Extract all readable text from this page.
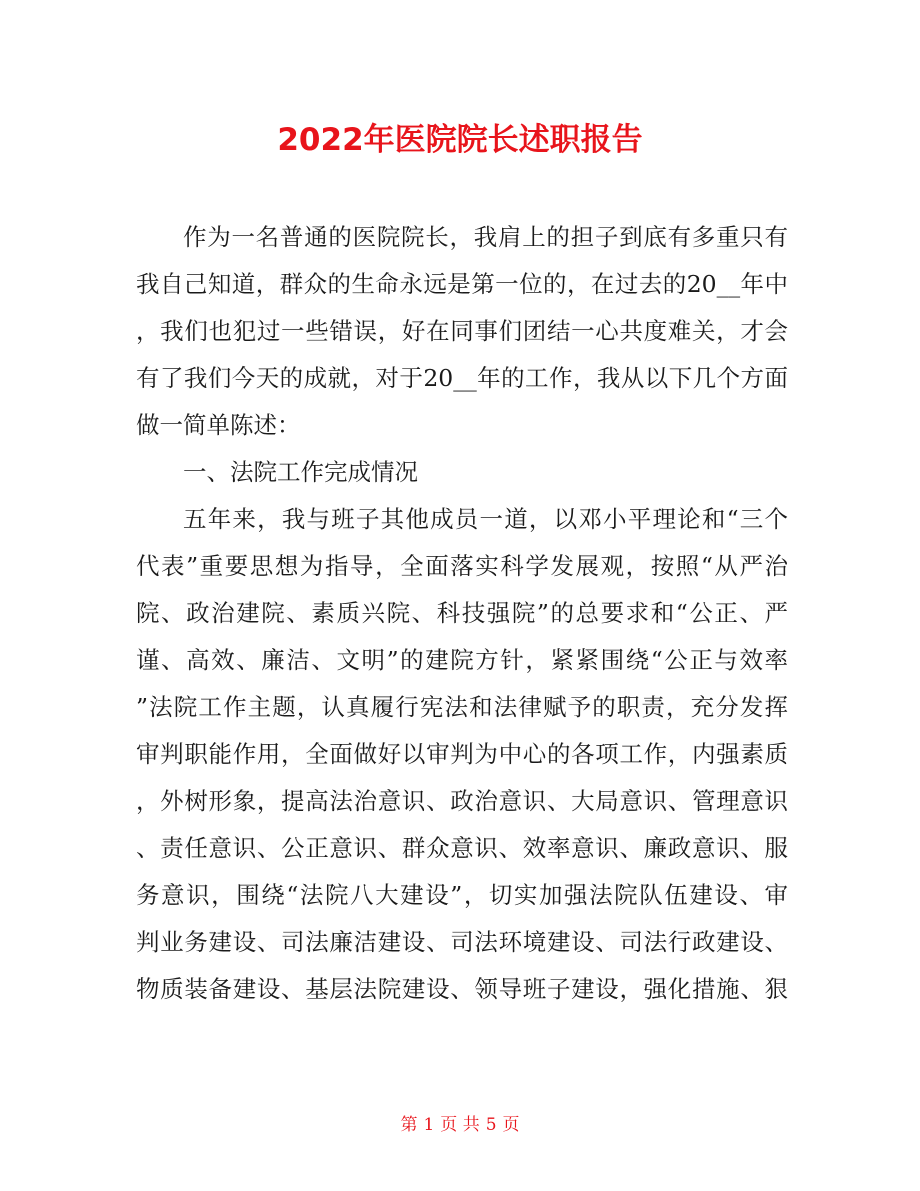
2022年医院院长述职报告
作为一名普通的医院院长，我肩上的担子到底有多重只有
我自己知道，群众的生命永远是第一位的，在过去的20__年中
，我们也犯过一些错误，好在同事们团结一心共度难关，才会
有了我们今天的成就，对于20__年的工作，我从以下几个方面
做一简单陈述：
一、法院工作完成情况
五年来，我与班子其他成员一道，以邓小平理论和“三个
代表”重要思想为指导，全面落实科学发展观，按照“从严治
院、政治建院、素质兴院、科技强院”的总要求和“公正、严
谨、高效、廉洁、文明”的建院方针，紧紧围绕“公正与效率
”法院工作主题，认真履行宪法和法律赋予的职责，充分发挥
审判职能作用，全面做好以审判为中心的各项工作，内强素质
，外树形象，提高法治意识、政治意识、大局意识、管理意识
、责任意识、公正意识、群众意识、效率意识、廉政意识、服
务意识，围绕“法院八大建设”，切实加强法院队伍建设、审
判业务建设、司法廉洁建设、司法环境建设、司法行政建设、
物质装备建设、基层法院建设、领导班子建设，强化措施、狠
第 1 页 共 5 页
